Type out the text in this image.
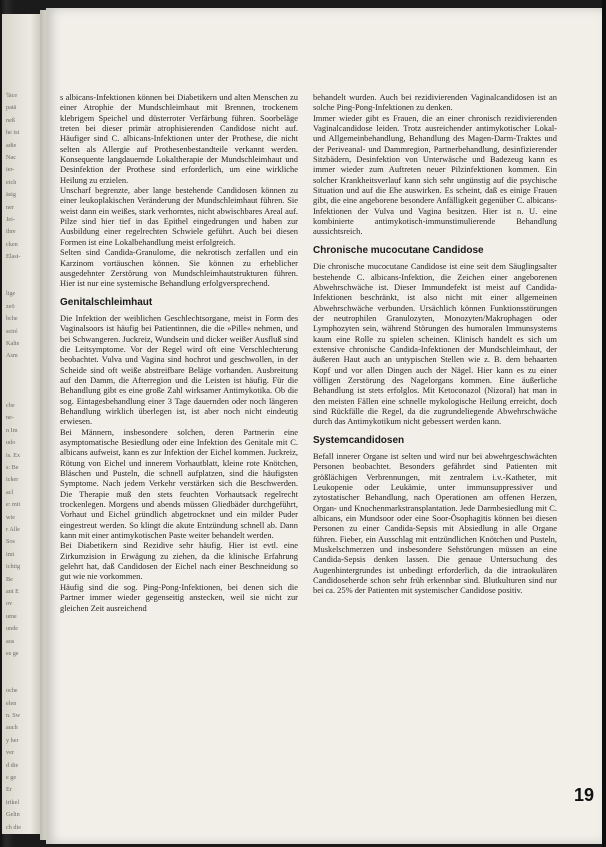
'läce
patä
neß
he ist
adie
Nac
ier-
eich
äsig
ner
Jei-
ihre
cken
Elast-
lige
zeö
bche
seiré
Kalte
Asm
cbe
ne-
n Im
udo
is. Ex
s: Be
icker
acl
e: mit
wie
r Alle
Sos
imt
ichtig
Be
ant E
ov
ume
unde
aus
es ge
oche
elen
n. Sw
auch
y her
ver
d die
e ge
Er
trikel
Gelin
ch die

s albicans-Infektionen können bei Diabetikern und alten Menschen zu einer Atrophie der Mundschleimhaut mit Brennen, trockenem klebrigem Speichel und düsterroter Verfärbung führen. Soorbeläge treten bei dieser primär atrophisierenden Candidose nicht auf. Häufiger sind C. albicans-Infektionen unter der Prothese, die nicht selten als Allergie auf Prothesenbestandteile verkannt werden. Konsequente langdauernde Lokaltherapie der Mundschleimhaut und Desinfektion der Prothese sind erforderlich, um eine wirkliche Heilung zu erzielen.

Unscharf begrenzte, aber lange bestehende Candidosen können zu einer leukoplakischen Veränderung der Mundschleimhaut führen. Sie weist dann ein weißes, stark verhorntes, nicht abwischbares Areal auf. Pilze sind hier tief in das Epithel eingedrungen und haben zur Ausbildung einer regelrechten Schwiele geführt. Auch bei diesen Formen ist eine Lokalbehandlung meist erfolgreich.

Selten sind Candida-Granulome, die nekrotisch zerfallen und ein Karzinom vortäuschen können. Sie können zu erheblicher ausgedehnter Zerstörung von Mundschleimhautstrukturen führen. Hier ist nur eine systemische Behandlung erfolgversprechend.

Genitalschleimhaut

Die Infektion der weiblichen Geschlechtsorgane, meist in Form des Vaginalsoors ist häufig bei Patientinnen, die die »Pille« nehmen, und bei Schwangeren. Juckreiz, Wundsein und dicker weißer Ausfluß sind die Leitsymptome. Vor der Regel wird oft eine Verschlechterung beobachtet. Vulva und Vagina sind hochrot und geschwollen, in der Scheide sind oft weiße abstreifbare Beläge vorhanden. Ausbreitung auf den Damm, die Afterregion und die Leisten ist häufig. Für die Behandlung gibt es eine große Zahl wirksamer Antimykotika. Ob die sog. Eintagesbehandlung einer 3 Tage dauernden oder noch längeren Behandlung wirklich überlegen ist, ist aber noch nicht eindeutig erwiesen.

Bei Männern, insbesondere solchen, deren Partnerin eine asymptomatische Besiedlung oder eine Infektion des Genitale mit C. albicans aufweist, kann es zur Infektion der Eichel kommen. Juckreiz, Rötung von Eichel und innerem Vorhautblatt, kleine rote Knötchen, Bläschen und Pusteln, die schnell aufplatzen, sind die häufigsten Symptome. Nach jedem Verkehr verstärken sich die Beschwerden. Die Therapie muß den stets feuchten Vorhautsack regelrecht trockenlegen. Morgens und abends müssen Gliedbäder durchgeführt, Vorhaut und Eichel gründlich abgetrocknet und ein milder Puder eingestreut werden. So klingt die akute Entzündung schnell ab. Dann kann mit einer antimykotischen Paste weiter behandelt werden.

Bei Diabetikern sind Rezidive sehr häufig. Hier ist evtl. eine Zirkumzision in Erwägung zu ziehen, da die klinische Erfahrung gelehrt hat, daß Candidosen der Eichel nach einer Beschneidung so gut wie nie vorkommen.

Häufig sind die sog. Ping-Pong-Infektionen, bei denen sich die Partner immer wieder gegenseitig anstecken, weil sie nicht zur gleichen Zeit ausreichend

behandelt wurden. Auch bei rezidivierenden Vaginalcandidosen ist an solche Ping-Pong-Infektionen zu denken.

Immer wieder gibt es Frauen, die an einer chronisch rezidivierenden Vaginalcandidose leiden. Trotz ausreichender antimykotischer Lokal- und Allgemeinbehandlung, Behandlung des Magen-Darm-Traktes und der Periveanal- und Dammregion, Partnerbehandlung, desinfizierender Sitzbädern, Desinfektion von Unterwäsche und Badezeug kann es immer wieder zum Auftreten neuer Pilzinfektionen kommen. Ein solcher Krankheitsverlauf kann sich sehr ungünstig auf die psychische Situation und auf die Ehe auswirken. Es scheint, daß es einige Frauen gibt, die eine angeborene besondere Anfälligkeit gegenüber C. albicans-Infektionen der Vulva und Vagina besitzen. Hier ist n. U. eine kombinierte antimykotisch-immunstimulierende Behandlung aussichtsreich.

Chronische mucocutane Candidose

Die chronische mucocutane Candidose ist eine seit dem Säuglingsalter bestehende C. albicans-Infektion, die Zeichen einer angeborenen Abwehrschwäche ist. Dieser Immundefekt ist meist auf Candida-Infektionen beschränkt, ist also nicht mit einer allgemeinen Abwehrschwäche verbunden. Ursächlich können Funktionsstörungen der neutrophilen Granulozyten, Monozyten/Makrophagen oder Lymphozyten sein, während Störungen des humoralen Immunsystems kaum eine Rolle zu spielen scheinen. Klinisch handelt es sich um extensive chronische Candida-Infektionen der Mundschleimhaut, der äußeren Haut auch an untypischen Stellen wie z. B. dem behaarten Kopf und vor allen Dingen auch der Nägel. Hier kann es zu einer völligen Zerstörung des Nagelorgans kommen. Eine äußerliche Behandlung ist stets erfolglos. Mit Ketoconazol (Nizoral) hat man in den meisten Fällen eine schnelle mykologische Heilung erreicht, doch sind Rückfälle die Regel, da die zugrundeliegende Abwehrschwäche durch das Antimykotikum nicht gebessert werden kann.

Systemcandidosen

Befall innerer Organe ist selten und wird nur bei abwehrgeschwächten Personen beobachtet. Besonders gefährdet sind Patienten mit größlächigen Verbrennungen, mit zentralem i.v.-Katheter, mit Leukopenie oder Leukämie, unter immunsuppressiver und zytostatischer Behandlung, nach Operationen am offenen Herzen, Organ- und Knochenmarkstransplantation. Jede Darmbesiedlung mit C. albicans, ein Mundsoor oder eine Soor-Ösophagitis können bei diesen Personen zu einer Candida-Sepsis mit Absiedlung in alle Organe führen. Fieber, ein Ausschlag mit entzündlichen Knötchen und Pusteln, Muskelschmerzen und insbesondere Sehstörungen müssen an eine Candida-Sepsis denken lassen. Die genaue Untersuchung des Augenhintergrundes ist unbedingt erforderlich, da die intraokulären Candidoseherde schon sehr früh erkennbar sind. Blutkulturen sind nur bei ca. 25% der Patienten mit systemischer Candidose positiv.

19
